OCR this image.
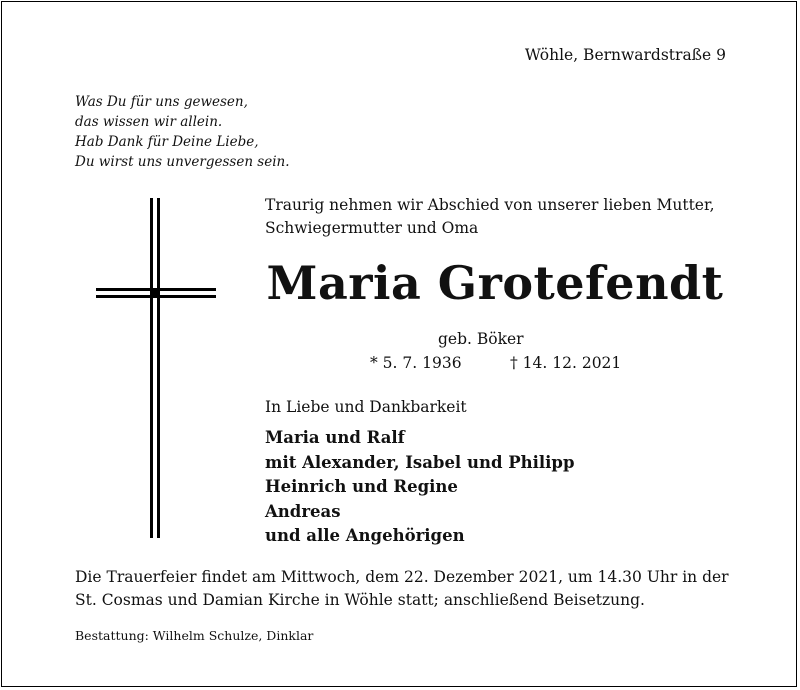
Wöhle, Bernwardstraße 9
Was Du für uns gewesen,
das wissen wir allein.
Hab Dank für Deine Liebe,
Du wirst uns unvergessen sein.
Traurig nehmen wir Abschied von unserer lieben Mutter,
Schwiegermutter und Oma
Maria Grotefendt
geb. Böker
* 5. 7. 1936	† 14. 12. 2021
In Liebe und Dankbarkeit
Maria und Ralf
mit Alexander, Isabel und Philipp
Heinrich und Regine
Andreas
und alle Angehörigen
Die Trauerfeier findet am Mittwoch, dem 22. Dezember 2021, um 14.30 Uhr in der
St. Cosmas und Damian Kirche in Wöhle statt; anschließend Beisetzung.
Bestattung: Wilhelm Schulze, Dinklar
